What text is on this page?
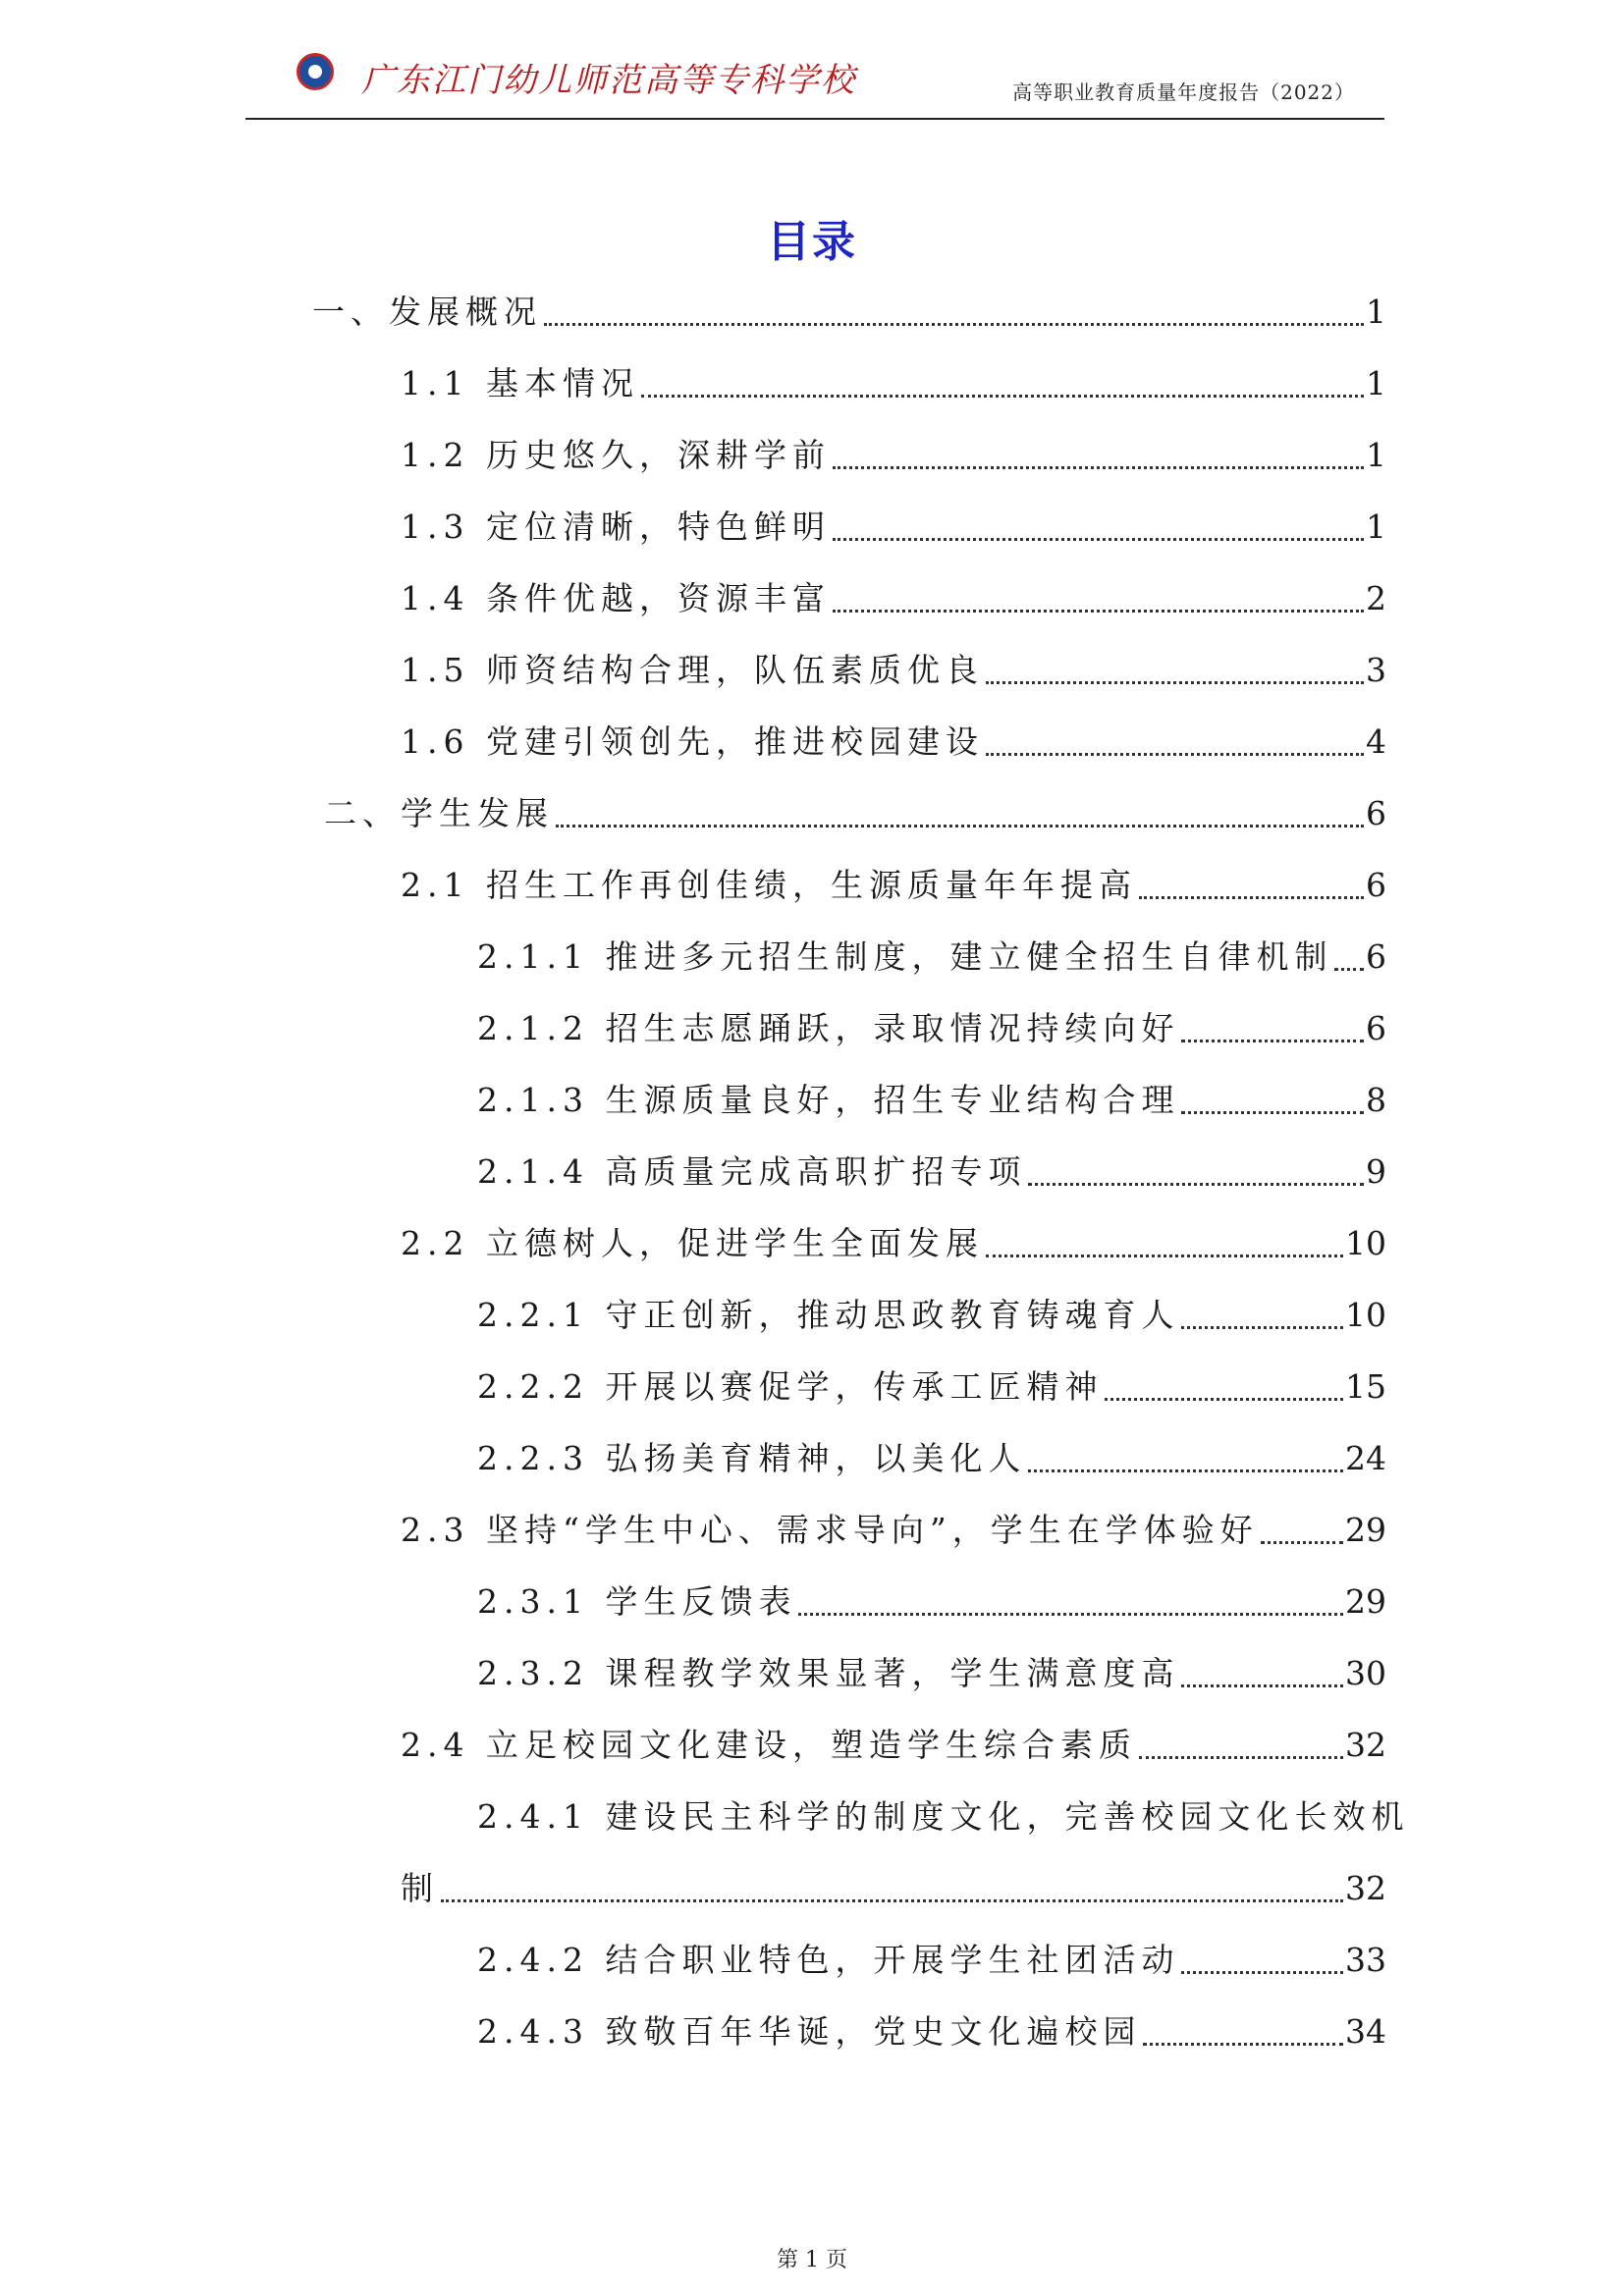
广东江门幼儿师范高等专科学校	高等职业教育质量年度报告（2022）
目录
一、发展概况	1
1.1 基本情况	1
1.2 历史悠久，深耕学前	1
1.3 定位清晰，特色鲜明	1
1.4 条件优越，资源丰富	2
1.5 师资结构合理，队伍素质优良	3
1.6 党建引领创先，推进校园建设	4
二、学生发展	6
2.1 招生工作再创佳绩，生源质量年年提高	6
2.1.1 推进多元招生制度，建立健全招生自律机制 6
2.1.2 招生志愿踊跃，录取情况持续向好	6
2.1.3 生源质量良好，招生专业结构合理	8
2.1.4 高质量完成高职扩招专项	9
2.2 立德树人，促进学生全面发展	10
2.2.1 守正创新，推动思政教育铸魂育人	10
2.2.2 开展以赛促学，传承工匠精神	15
2.2.3 弘扬美育精神，以美化人	24
2.3 坚持“学生中心、需求导向”，学生在学体验好	29
2.3.1 学生反馈表	29
2.3.2 课程教学效果显著，学生满意度高	30
2.4 立足校园文化建设，塑造学生综合素质	32
2.4.1 建设民主科学的制度文化，完善校园文化长效机
制	32
2.4.2 结合职业特色，开展学生社团活动	33
2.4.3 致敬百年华诞，党史文化遍校园	34
第 1 页
